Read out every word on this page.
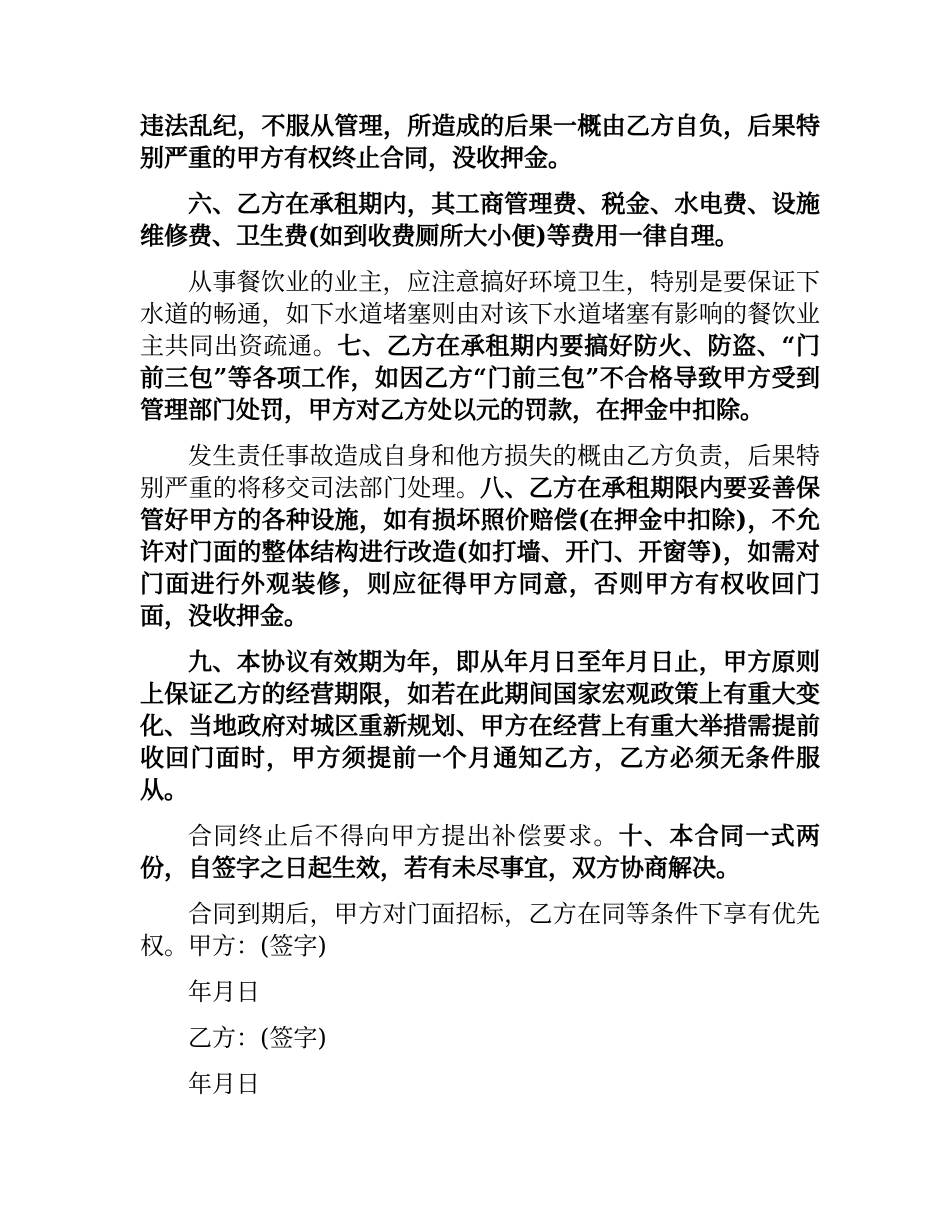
违法乱纪，不服从管理，所造成的后果一概由乙方自负，后果特别严重的甲方有权终止合同，没收押金。

六、乙方在承租期内，其工商管理费、税金、水电费、设施维修费、卫生费(如到收费厕所大小便)等费用一律自理。

从事餐饮业的业主，应注意搞好环境卫生，特别是要保证下水道的畅通，如下水道堵塞则由对该下水道堵塞有影响的餐饮业主共同出资疏通。七、乙方在承租期内要搞好防火、防盗、“门前三包”等各项工作，如因乙方“门前三包”不合格导致甲方受到管理部门处罚，甲方对乙方处以元的罚款，在押金中扣除。

发生责任事故造成自身和他方损失的概由乙方负责，后果特别严重的将移交司法部门处理。八、乙方在承租期限内要妥善保管好甲方的各种设施，如有损坏照价赔偿(在押金中扣除)，不允许对门面的整体结构进行改造(如打墙、开门、开窗等)，如需对门面进行外观装修，则应征得甲方同意，否则甲方有权收回门面，没收押金。

九、本协议有效期为年，即从年月日至年月日止，甲方原则上保证乙方的经营期限，如若在此期间国家宏观政策上有重大变化、当地政府对城区重新规划、甲方在经营上有重大举措需提前收回门面时，甲方须提前一个月通知乙方，乙方必须无条件服从。

合同终止后不得向甲方提出补偿要求。十、本合同一式两份，自签字之日起生效，若有未尽事宜，双方协商解决。

合同到期后，甲方对门面招标，乙方在同等条件下享有优先权。甲方：(签字)

年月日

乙方：(签字)

年月日
